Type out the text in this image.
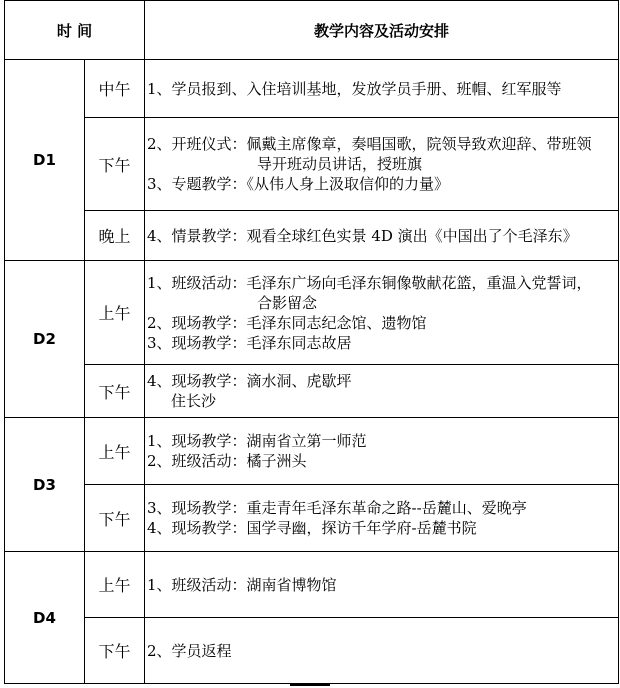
时 间		教学内容及活动安排
D1	中午	1、学员报到、入住培训基地，发放学员手册、班帽、红军服等

	下午	2、开班仪式：佩戴主席像章，奏唱国歌，院领导致欢迎辞、带班领
导开班动员讲话，授班旗
3、专题教学：《从伟人身上汲取信仰的力量》

	晚上	4、情景教学：观看全球红色实景 4D 演出《中国出了个毛泽东》

D2	上午	1、班级活动：毛泽东广场向毛泽东铜像敬献花篮，重温入党誓词，
合影留念
2、现场教学：毛泽东同志纪念馆、遗物馆
3、现场教学：毛泽东同志故居

	下午	4、现场教学：滴水洞、虎歇坪
住长沙

D3	上午	1、现场教学：湖南省立第一师范
2、班级活动：橘子洲头

	下午	3、现场教学：重走青年毛泽东革命之路--岳麓山、爱晚亭
4、现场教学：国学寻幽，探访千年学府-岳麓书院

D4	上午	1、班级活动：湖南省博物馆

	下午	2、学员返程
